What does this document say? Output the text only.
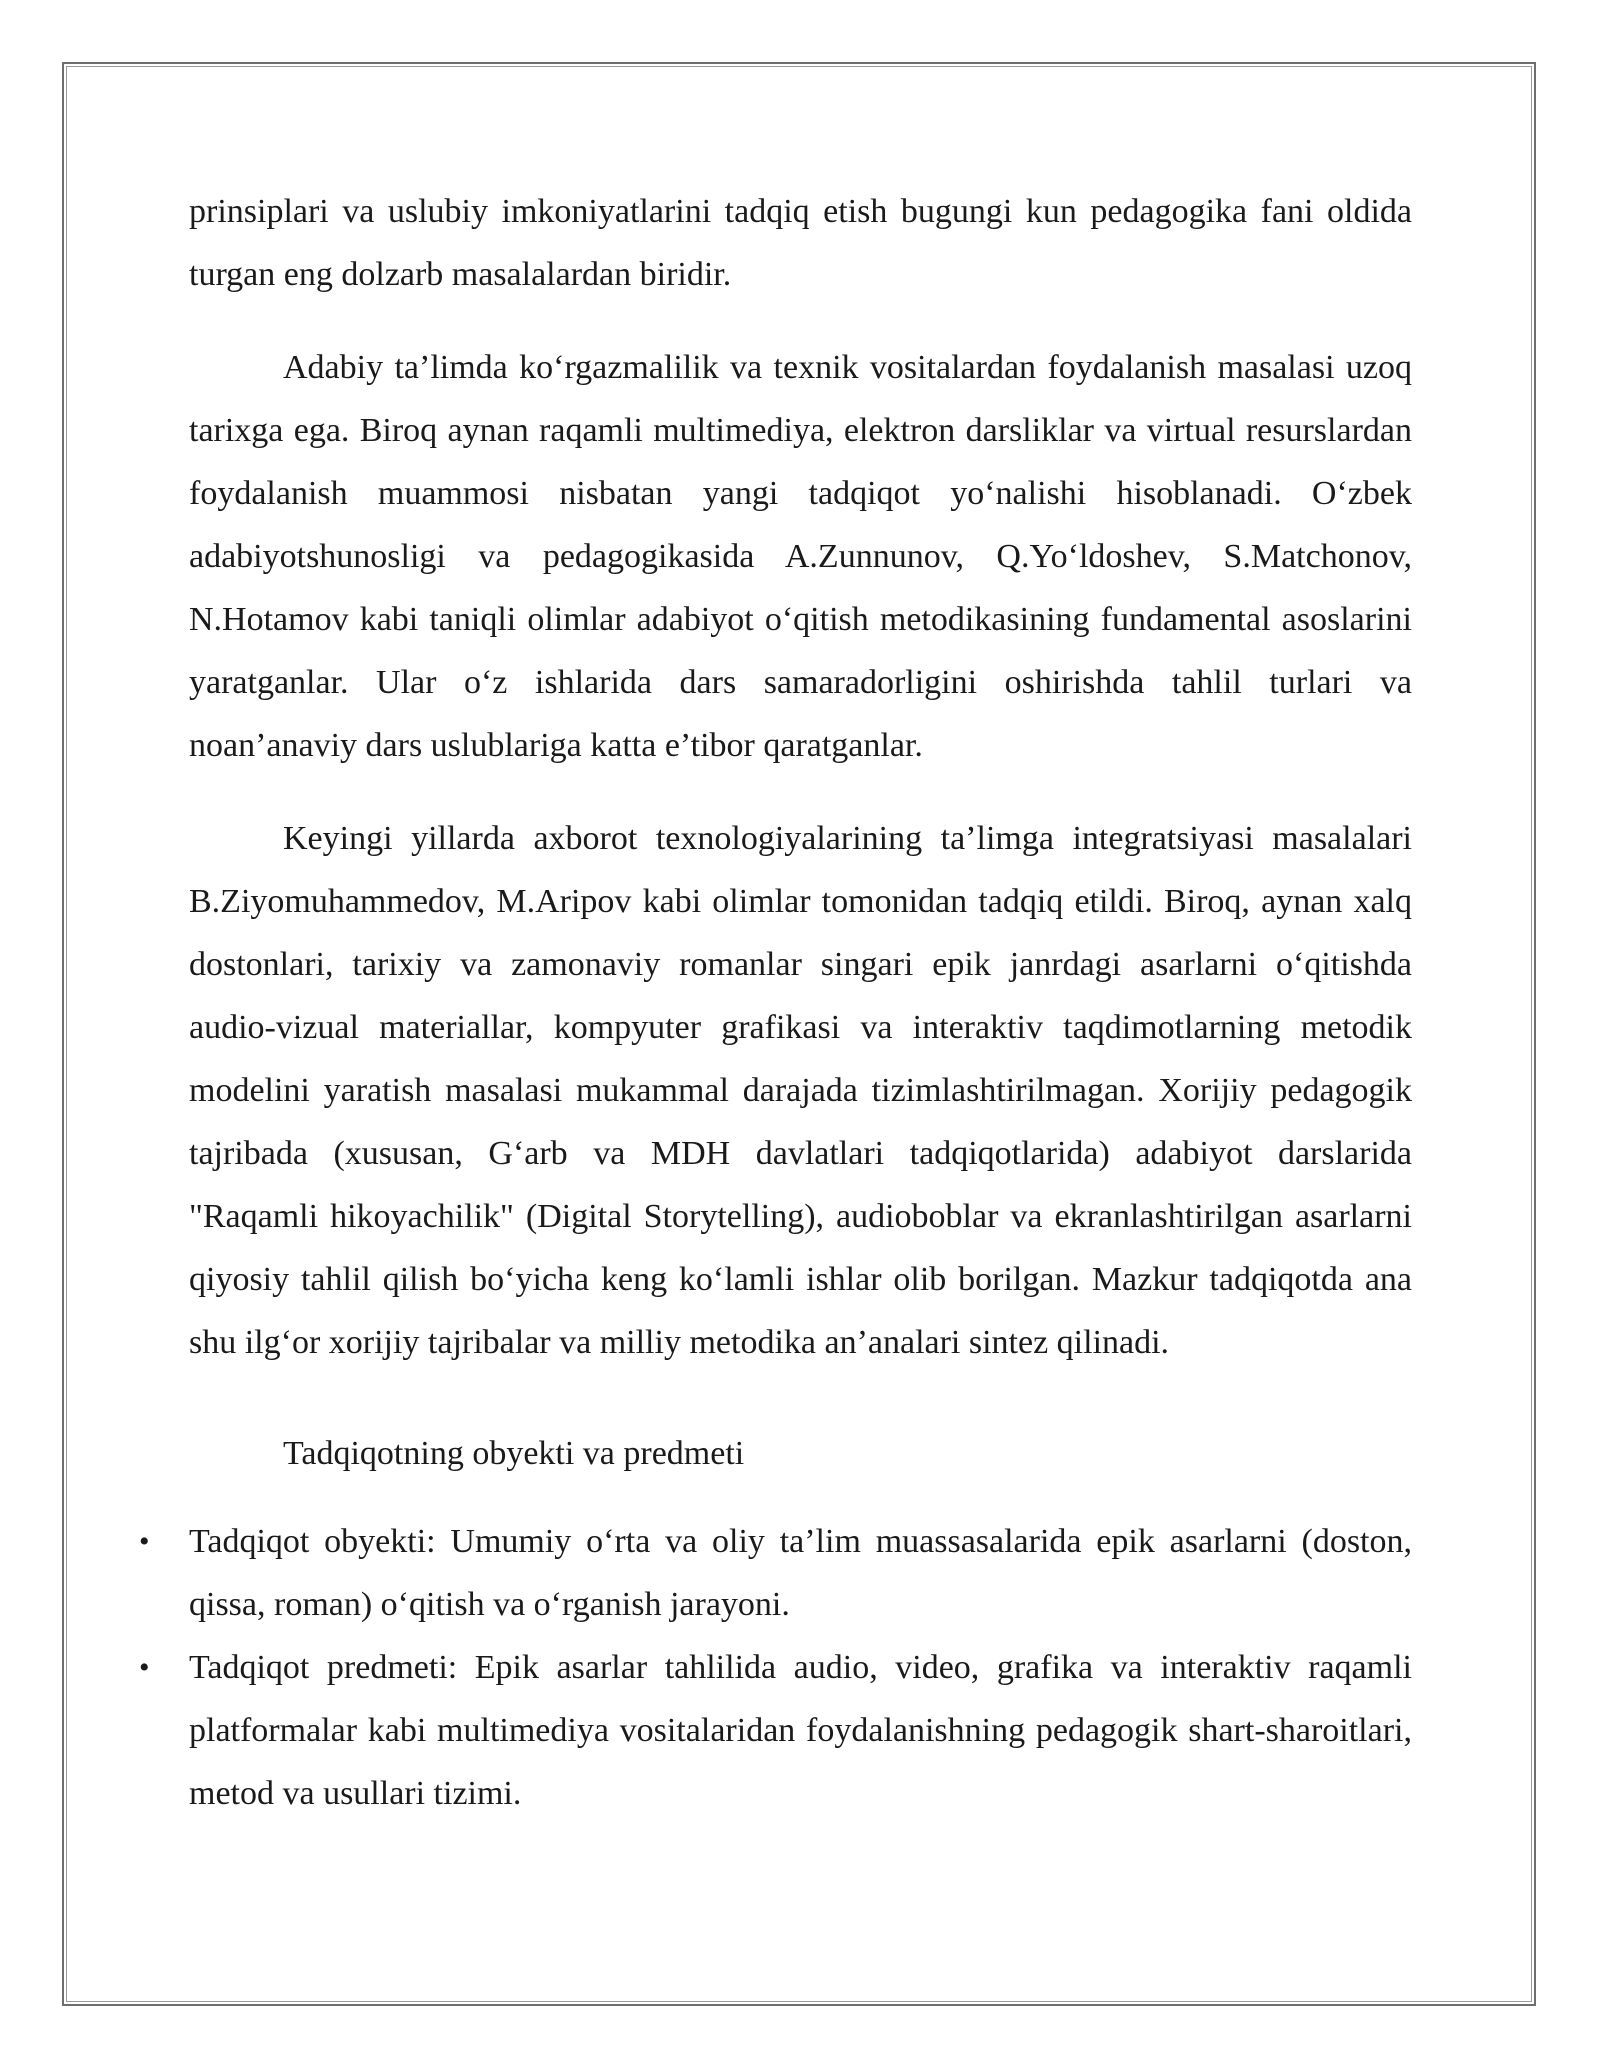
prinsiplari va uslubiy imkoniyatlarini tadqiq etish bugungi kun pedagogika fani oldida turgan eng dolzarb masalalardan biridir.

Adabiy ta’limda ko‘rgazmalilik va texnik vositalardan foydalanish masalasi uzoq tarixga ega. Biroq aynan raqamli multimediya, elektron darsliklar va virtual resurslardan foydalanish muammosi nisbatan yangi tadqiqot yo‘nalishi hisoblanadi. O‘zbek adabiyotshunosligi va pedagogikasida A.Zunnunov, Q.Yo‘ldoshev, S.Matchonov, N.Hotamov kabi taniqli olimlar adabiyot o‘qitish metodikasining fundamental asoslarini yaratganlar. Ular o‘z ishlarida dars samaradorligini oshirishda tahlil turlari va noan’anaviy dars uslublariga katta e’tibor qaratganlar.

Keyingi yillarda axborot texnologiyalarining ta’limga integratsiyasi masalalari B.Ziyomuhammedov, M.Aripov kabi olimlar tomonidan tadqiq etildi. Biroq, aynan xalq dostonlari, tarixiy va zamonaviy romanlar singari epik janrdagi asarlarni o‘qitishda audio-vizual materiallar, kompyuter grafikasi va interaktiv taqdimotlarning metodik modelini yaratish masalasi mukammal darajada tizimlashtirilmagan. Xorijiy pedagogik tajribada (xususan, G‘arb va MDH davlatlari tadqiqotlarida) adabiyot darslarida "Raqamli hikoyachilik" (Digital Storytelling), audioboblar va ekranlashtirilgan asarlarni qiyosiy tahlil qilish bo‘yicha keng ko‘lamli ishlar olib borilgan. Mazkur tadqiqotda ana shu ilg‘or xorijiy tajribalar va milliy metodika an’analari sintez qilinadi.

Tadqiqotning obyekti va predmeti

• Tadqiqot obyekti: Umumiy o‘rta va oliy ta’lim muassasalarida epik asarlarni (doston, qissa, roman) o‘qitish va o‘rganish jarayoni.
• Tadqiqot predmeti: Epik asarlar tahlilida audio, video, grafika va interaktiv raqamli platformalar kabi multimediya vositalaridan foydalanishning pedagogik shart-sharoitlari, metod va usullari tizimi.
